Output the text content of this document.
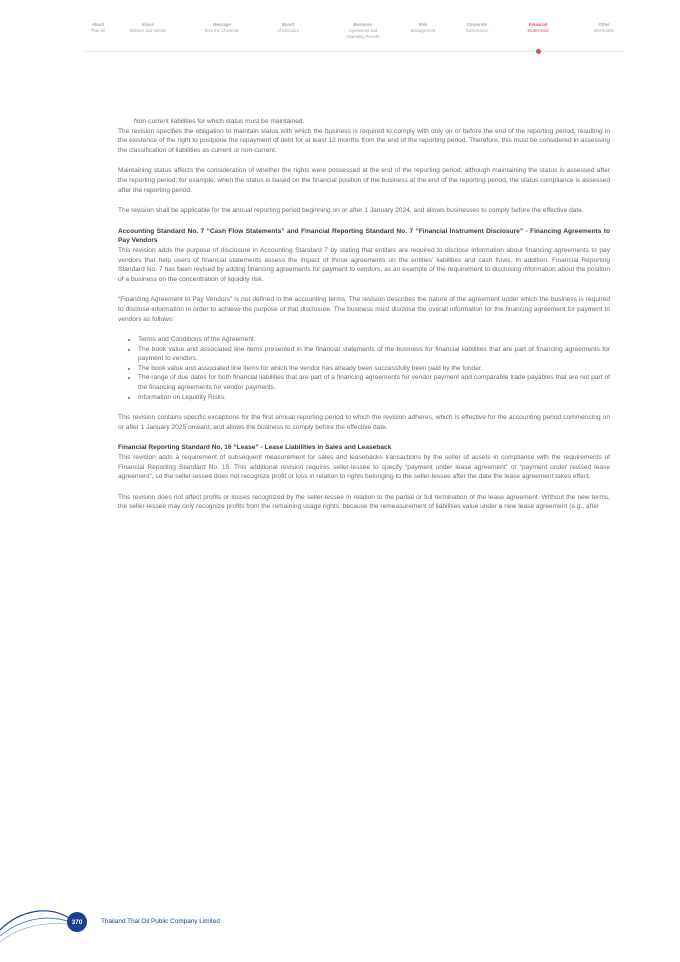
About
Thai Oil
Vision
Mission and Values
Message
from the Chairman
Board
of Directors
Business
Operations and
Operating Results
Risk
Management
Corporate
Governance
Financial
Statements
Other
Information

Non-current liabilities for which status must be maintained.

The revision specifies the obligation to maintain status with which the business is required to comply with only on or before the end of the reporting period, resulting in the existence of the right to postpone the repayment of debt for at least 12 months from the end of the reporting period. Therefore, this must be considered in assessing the classification of liabilities as current or non-current.

Maintaining status affects the consideration of whether the rights were possessed at the end of the reporting period, although maintaining the status is assessed after the reporting period; for example, when the status is based on the financial position of the business at the end of the reporting period, the status compliance is assessed after the reporting period.

The revision shall be applicable for the annual reporting period beginning on or after 1 January 2024, and allows businesses to comply before the effective date.

Accounting Standard No. 7 “Cash Flow Statements” and Financial Reporting Standard No. 7 “Financial Instrument Disclosure” - Financing Agreements to Pay Vendors

This revision adds the purpose of disclosure in Accounting Standard 7 by stating that entities are required to disclose information about financing agreements to pay vendors that help users of financial statements assess the impact of those agreements on the entities' liabilities and cash flows. In addition, Financial Reporting Standard No. 7 has been revised by adding financing agreements for payment to vendors, as an example of the requirement to disclosing information about the position of a business on the concentration of liquidity risk.

“Financing Agreement to Pay Vendors” is not defined in the accounting terms. The revision describes the nature of the agreement under which the business is required to disclose information in order to achieve the purpose of that disclosure. The business must disclose the overall information for the financing agreement for payment to vendors as follows:

• Terms and Conditions of the Agreement.
• The book value and associated line items presented in the financial statements of the business for financial liabilities that are part of financing agreements for payment to vendors.
• The book value and associated line items for which the vendor has already been successfully been paid by the funder.
• The range of due dates for both financial liabilities that are part of a financing agreements for vendor payment and comparable trade payables that are not part of the financing agreements for vendor payments.
• Information on Liquidity Risks.

This revision contains specific exceptions for the first annual reporting period to which the revision adheres, which is effective for the accounting period commencing on or after 1 January 2025 onward, and allows the business to comply before the effective date.

Financial Reporting Standard No. 16 “Lease” - Lease Liabilities in Sales and Leaseback

This revision adds a requirement of subsequent measurement for sales and leasebacks transactions by the seller of assets in compliance with the requirements of Financial Reporting Standard No. 15. This additional revision requires seller-lessee to specify “payment under lease agreement” or “payment under revised lease agreement”, so the seller-lessee does not recognize profit or loss in relation to rights belonging to the seller-lessee after the date the lease agreement takes effect.

This revision does not affect profits or losses recognized by the seller-lessee in relation to the partial or full termination of the lease agreement. Without the new terms, the seller-lessee may only recognize profits from the remaining usage rights, because the remeasurement of liabilities value under a new lease agreement (e.g., after

370	Thailand Thai Oil Public Company Limited
